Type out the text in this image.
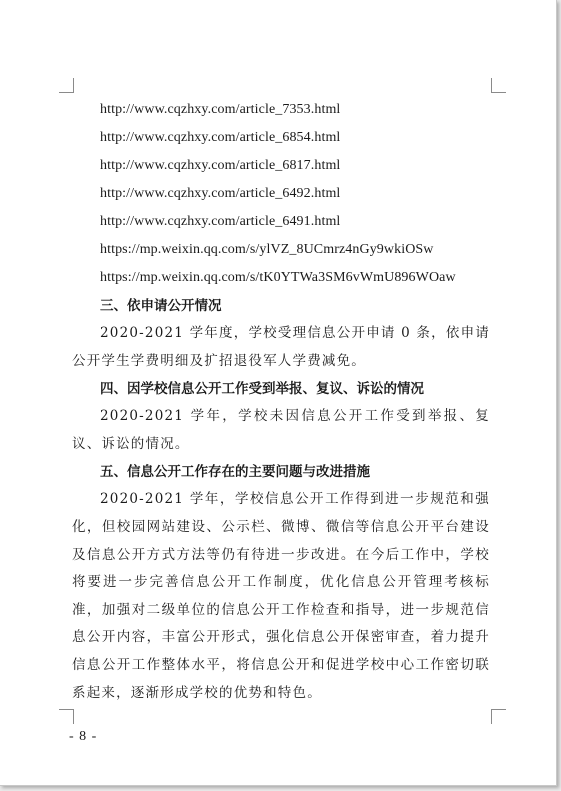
http://www.cqzhxy.com/article_7353.html
http://www.cqzhxy.com/article_6854.html
http://www.cqzhxy.com/article_6817.html
http://www.cqzhxy.com/article_6492.html
http://www.cqzhxy.com/article_6491.html
https://mp.weixin.qq.com/s/ylVZ_8UCmrz4nGy9wkiOSw
https://mp.weixin.qq.com/s/tK0YTWa3SM6vWmU896WOaw
三、依申请公开情况

2020-2021 学年度，学校受理信息公开申请 0 条，依申请公开学生学费明细及扩招退役军人学费减免。

四、因学校信息公开工作受到举报、复议、诉讼的情况

2020-2021 学年，学校未因信息公开工作受到举报、复议、诉讼的情况。

五、信息公开工作存在的主要问题与改进措施

2020-2021 学年，学校信息公开工作得到进一步规范和强化，但校园网站建设、公示栏、微博、微信等信息公开平台建设及信息公开方式方法等仍有待进一步改进。在今后工作中，学校将要进一步完善信息公开工作制度，优化信息公开管理考核标准，加强对二级单位的信息公开工作检查和指导，进一步规范信息公开内容，丰富公开形式，强化信息公开保密审查，着力提升信息公开工作整体水平，将信息公开和促进学校中心工作密切联系起来，逐渐形成学校的优势和特色。

- 8 -
